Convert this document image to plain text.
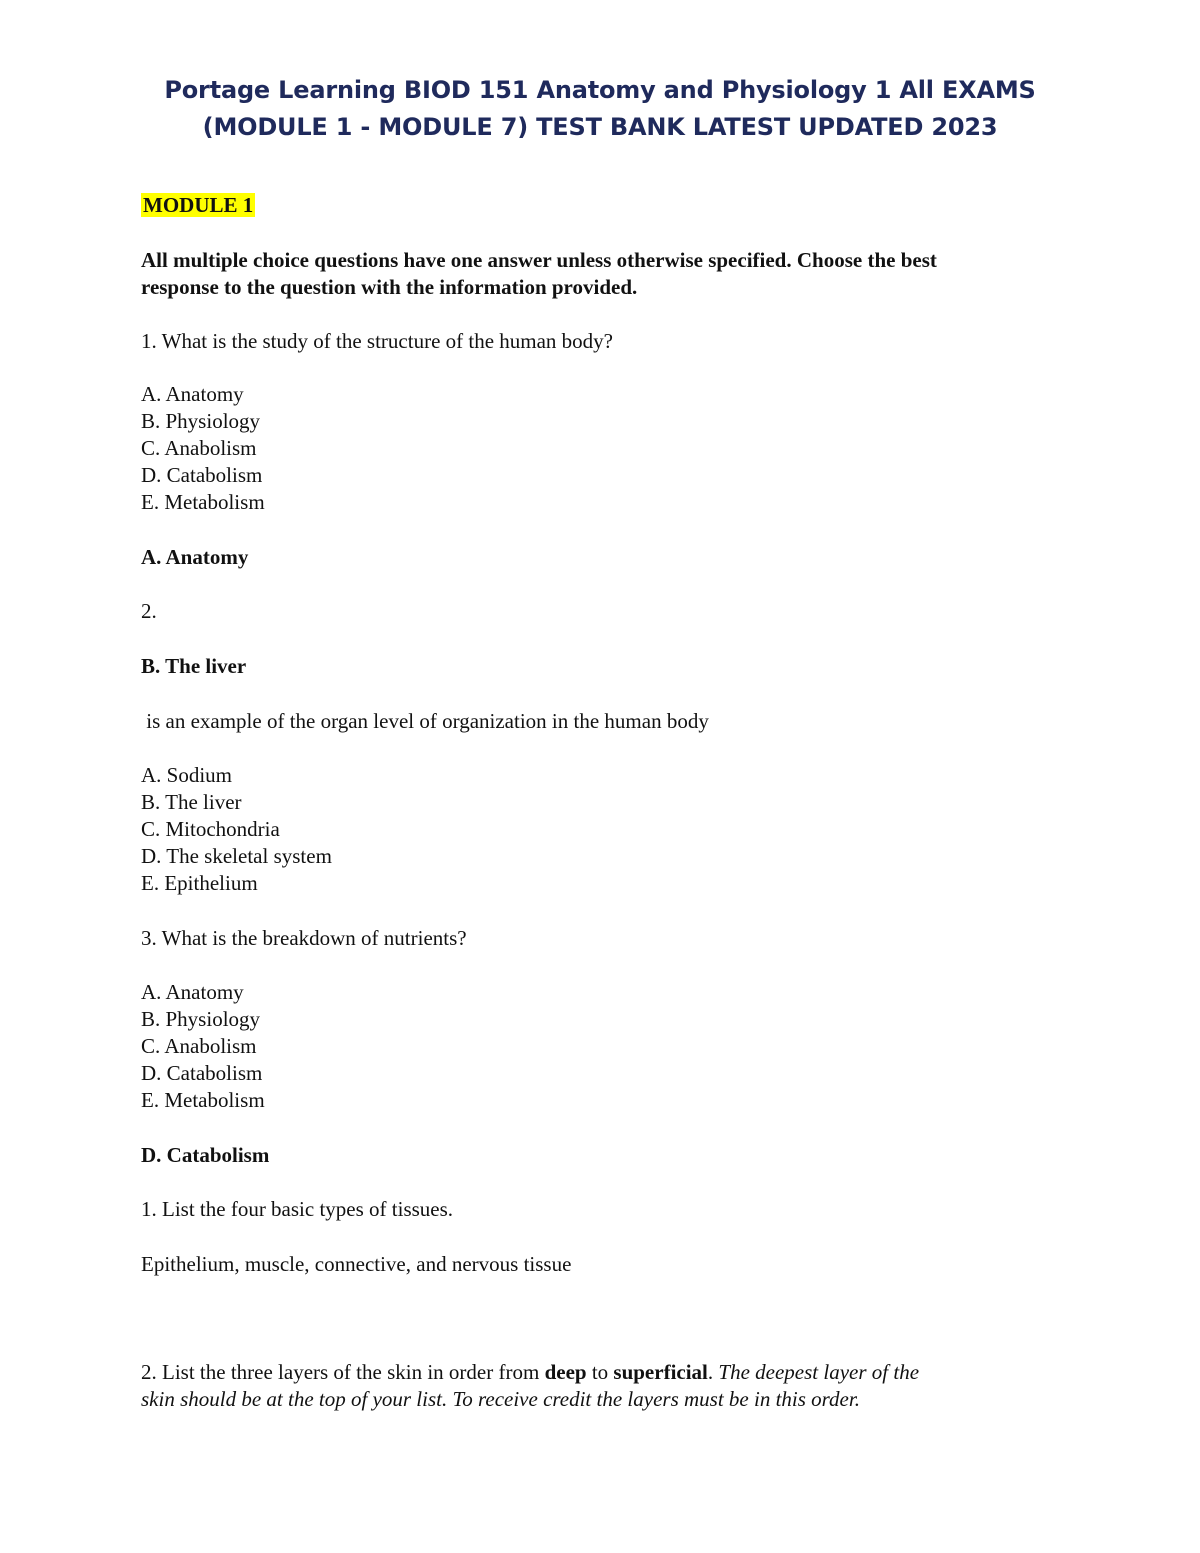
Portage Learning BIOD 151 Anatomy and Physiology 1 All EXAMS
(MODULE 1 - MODULE 7) TEST BANK LATEST UPDATED 2023
MODULE 1
All multiple choice questions have one answer unless otherwise specified. Choose the best
response to the question with the information provided.
1. What is the study of the structure of the human body?
A. Anatomy
B. Physiology
C. Anabolism
D. Catabolism
E. Metabolism
A. Anatomy
2.
B. The liver
is an example of the organ level of organization in the human body
A. Sodium
B. The liver
C. Mitochondria
D. The skeletal system
E. Epithelium
3. What is the breakdown of nutrients?
A. Anatomy
B. Physiology
C. Anabolism
D. Catabolism
E. Metabolism
D. Catabolism
1. List the four basic types of tissues.
Epithelium, muscle, connective, and nervous tissue
2. List the three layers of the skin in order from deep to superficial. The deepest layer of the
skin should be at the top of your list. To receive credit the layers must be in this order.
